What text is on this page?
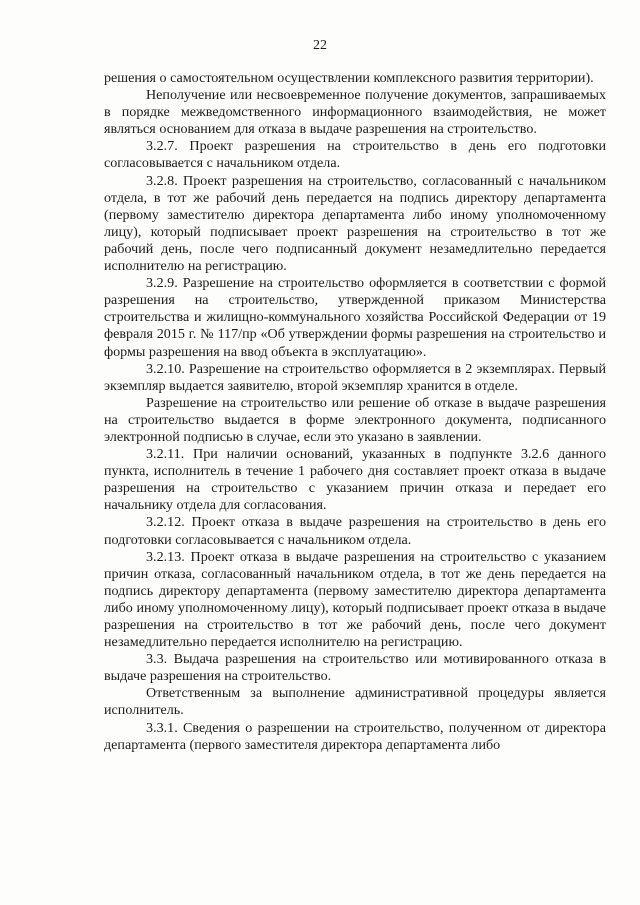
22

решения о самостоятельном осуществлении комплексного развития территории).

Неполучение или несвоевременное получение документов, запрашиваемых в порядке межведомственного информационного взаимодействия, не может являться основанием для отказа в выдаче разрешения на строительство.

3.2.7. Проект разрешения на строительство в день его подготовки согласовывается с начальником отдела.

3.2.8. Проект разрешения на строительство, согласованный с начальником отдела, в тот же рабочий день передается на подпись директору департамента (первому заместителю директора департамента либо иному уполномоченному лицу), который подписывает проект разрешения на строительство в тот же рабочий день, после чего подписанный документ незамедлительно передается исполнителю на регистрацию.

3.2.9. Разрешение на строительство оформляется в соответствии с формой разрешения на строительство, утвержденной приказом Министерства строительства и жилищно-коммунального хозяйства Российской Федерации от 19 февраля 2015 г. № 117/пр «Об утверждении формы разрешения на строительство и формы разрешения на ввод объекта в эксплуатацию».

3.2.10. Разрешение на строительство оформляется в 2 экземплярах. Первый экземпляр выдается заявителю, второй экземпляр хранится в отделе.

Разрешение на строительство или решение об отказе в выдаче разрешения на строительство выдается в форме электронного документа, подписанного электронной подписью в случае, если это указано в заявлении.

3.2.11. При наличии оснований, указанных в подпункте 3.2.6 данного пункта, исполнитель в течение 1 рабочего дня составляет проект отказа в выдаче разрешения на строительство с указанием причин отказа и передает его начальнику отдела для согласования.

3.2.12. Проект отказа в выдаче разрешения на строительство в день его подготовки согласовывается с начальником отдела.

3.2.13. Проект отказа в выдаче разрешения на строительство с указанием причин отказа, согласованный начальником отдела, в тот же день передается на подпись директору департамента (первому заместителю директора департамента либо иному уполномоченному лицу), который подписывает проект отказа в выдаче разрешения на строительство в тот же рабочий день, после чего документ незамедлительно передается исполнителю на регистрацию.

3.3. Выдача разрешения на строительство или мотивированного отказа в выдаче разрешения на строительство.

Ответственным за выполнение административной процедуры является исполнитель.

3.3.1. Сведения о разрешении на строительство, полученном от директора департамента (первого заместителя директора департамента либо
